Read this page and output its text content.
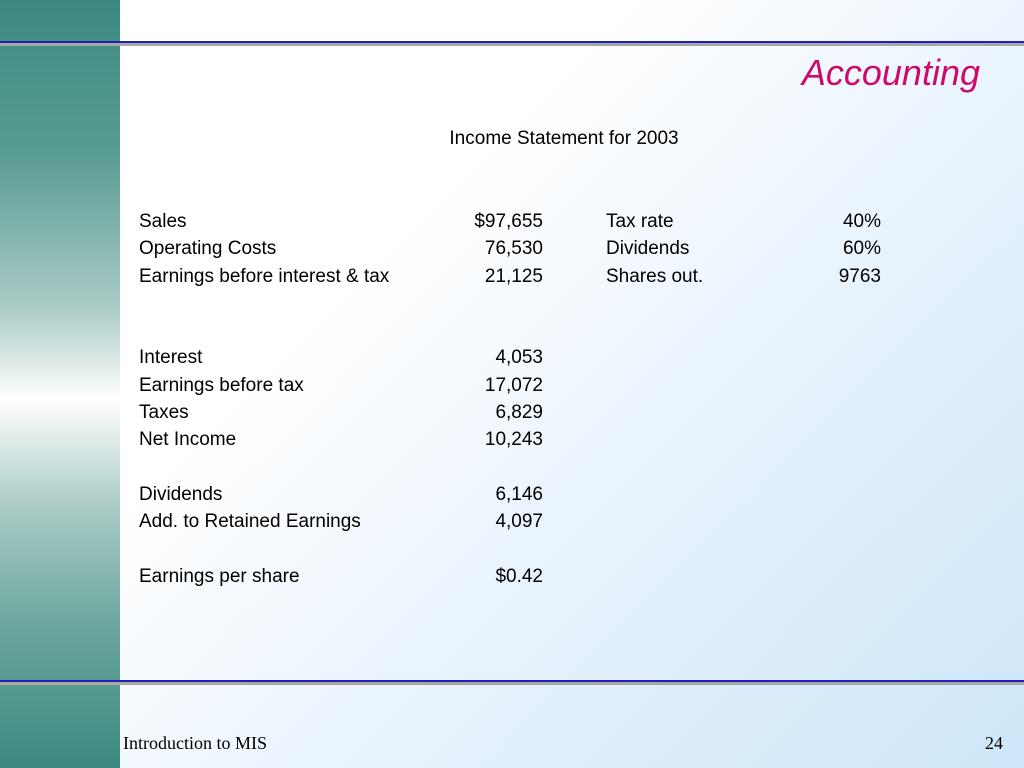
Accounting
Income Statement for 2003
Sales	$97,655
Operating Costs	76,530
Earnings before interest & tax	21,125
Interest	4,053
Earnings before tax	17,072
Taxes	6,829
Net Income	10,243
Dividends	6,146
Add. to Retained Earnings	4,097
Earnings per share	$0.42
Tax rate	40%
Dividends	60%
Shares out.	9763
Introduction to MIS	24
